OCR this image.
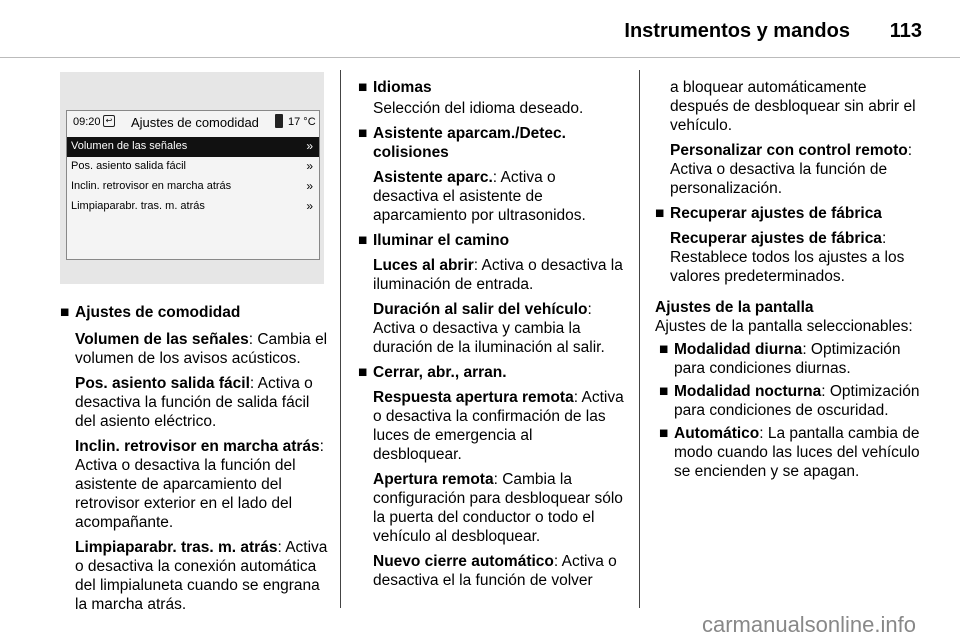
Instrumentos y mandos 113
09:20 ↩ Ajustes de comodidad	17 °C
Volumen de las señales	»
Pos. asiento salida fácil	»
Inclin. retrovisor en marcha atrás	»
Limpiaparabr. tras. m. atrás	»
■ Ajustes de comodidad

Volumen de las señales: Cambia el volumen de los avisos acústicos.
Pos. asiento salida fácil: Activa o desactiva la función de salida fácil del asiento eléctrico.
Inclin. retrovisor en marcha atrás: Activa o desactiva la función del asistente de aparcamiento del retrovisor exterior en el lado del acompañante.
Limpiaparabr. tras. m. atrás: Activa o desactiva la conexión automática del limpialuneta cuando se engrana la marcha atrás.
■ Idiomas

Selección del idioma deseado.
■ Asistente aparcam./Detec. colisiones

Asistente aparc.: Activa o desactiva el asistente de aparcamiento por ultrasonidos.
■ Iluminar el camino

Luces al abrir: Activa o desactiva la iluminación de entrada.
Duración al salir del vehículo: Activa o desactiva y cambia la duración de la iluminación al salir.
■ Cerrar, abr., arran.

Respuesta apertura remota: Activa o desactiva la confirmación de las luces de emergencia al desbloquear.
Apertura remota: Cambia la configuración para desbloquear sólo la puerta del conductor o todo el vehículo al desbloquear.
Nuevo cierre automático: Activa o desactiva el la función de volver
a bloquear automáticamente después de desbloquear sin abrir el vehículo.
Personalizar con control remoto: Activa o desactiva la función de personalización.
■ Recuperar ajustes de fábrica

Recuperar ajustes de fábrica: Restablece todos los ajustes a los valores predeterminados.

Ajustes de la pantalla

Ajustes de la pantalla seleccionables:

■ Modalidad diurna: Optimización para condiciones diurnas.
■ Modalidad nocturna: Optimización para condiciones de oscuridad.
■ Automático: La pantalla cambia de modo cuando las luces del vehículo se encienden y se apagan.
carmanualsonline.info
